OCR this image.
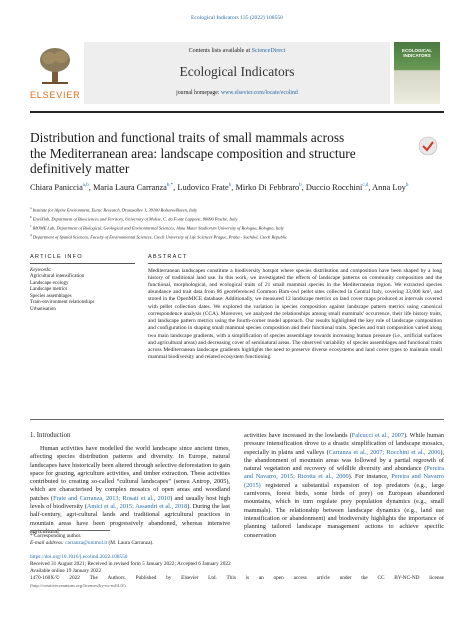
Ecological Indicators 135 (2022) 108550
ELSEVIER
Contents lists available at ScienceDirect
Ecological Indicators
journal homepage: www.elsevier.com/locate/ecolind
ECOLOGICAL INDICATORS
Distribution and functional traits of small mammals across the Mediterranean area: landscape composition and structure definitively matter
Chiara Paniccia$^{a,b}$, Maria Laura Carranza$^{b,*}$, Ludovico Frate$^b$, Mirko Di Febbraro$^b$, Duccio Rocchini$^{c,d}$, Anna Loy$^b$
$^a$ Institute for Alpine Environment, Eurac Research, Drususallee 1, 39100 Bolzano/Bozen, Italy
$^b$ EnviXlab, Department of Biosciences and Territory, University of Molise, C. da Fonte Lappone, 86090 Pesche, Italy
$^c$ BIOME Lab, Department of Biological, Geological and Environmental Sciences, Alma Mater Studiorum University of Bologna, Bologna, Italy
$^d$ Department of Spatial Sciences, Faculty of Environmental Sciences, Czech University of Life Sciences Prague, Praha - Suchdol, Czech Republic
ARTICLE INFO
Keywords:
Agricultural intensification
Landscape ecology
Landscape metrics
Species assemblages
Train-environment relationships
Urbanisation
ABSTRACT
Mediterranean landscapes constitute a biodiversity hotspot where species distribution and composition have been shaped by a long history of traditional land use. In this work, we investigated the effects of landscape patterns on community composition and the functional, morphological, and ecological traits of 21 small mammal species in the Mediterranean region. We extracted species abundance and trait data from 86 georeferenced Common Barn-owl pellet sites collected in Central Italy, covering 33,000 km², and stored in the OpenMICE database. Additionally, we measured 12 landscape metrics on land cover maps produced at intervals covered with pellet collection dates. We explored the variation in species composition against landscape pattern metrics using canonical correspondence analysis (CCA). Moreover, we analyzed the relationships among small mammals' occurrence, their life history traits, and landscape pattern metrics using the fourth-corner model approach. Our results highlighted the key role of landscape composition and configuration in shaping small mammal species composition and their functional traits. Species and trait composition varied along two main landscape gradients, with a simplification of species assemblage towards increasing human pressure (i.e., artificial surfaces and agricultural areas) and decreasing cover of seminatural areas. The observed variability of species assemblages and functional traits across Mediterranean landscape gradients highlights the need to preserve diverse ecosystems and land cover types to maintain small mammal biodiversity and related ecosystem functioning.
1. Introduction

Human activities have modelled the world landscape since ancient times, affecting species distribution patterns and diversity. In Europe, natural landscapes have historically been altered through selective deforestation to gain space for grazing, agriculture activities, and timber extraction. These activities contributed to creating so-called “cultural landscapes” (sensu Antrop, 2005), which are characterised by complex mosaics of open areas and woodland patches (Frate and Carranza, 2013; Rosati et al., 2010) and usually host high levels of biodiversity (Amici et al., 2015; Assandri et al., 2018). During the last half-century, agri-cultural lands and traditional agricultural practices in mountain areas have been progressively abandoned, whereas intensive agricultural

activities have increased in the lowlands (Falcucci et al., 2007). While human pressure intensification drove to a drastic simplification of landscape mosaics, especially in plains and valleys (Carranza et al., 2007; Rocchini et al., 2006), the abandonment of mountain areas was followed by a partial regrowth of natural vegetation and recovery of wildlife diversity and abundance (Pereira and Navarro, 2015; Ricotta et al., 2000). For instance, Pereira and Navarro (2015) registered a substantial expansion of top predators (e.g., large carnivores, forest birds, some birds of prey) on European abandoned mountains, which in turn regulate prey population dynamics (e.g., small mammals). The relationship between landscape dynamics (e.g., land use intensification or abandonment) and biodiversity highlights the importance of planning tailored landscape management actions to achieve specific conservation

* Corresponding author.
E-mail address: carranza@unimol.it (M. Laura Carranza).
https://doi.org/10.1016/j.ecolind.2022.108550
Received 31 August 2021; Received in revised form 5 January 2022; Accepted 6 January 2022
Available online 19 January 2022
1470-160X/© 2022 The Authors. Published by Elsevier Ltd. This is an open access article under the CC BY-NC-ND license
(http://creativecommons.org/licenses/by-nc-nd/4.0/).
